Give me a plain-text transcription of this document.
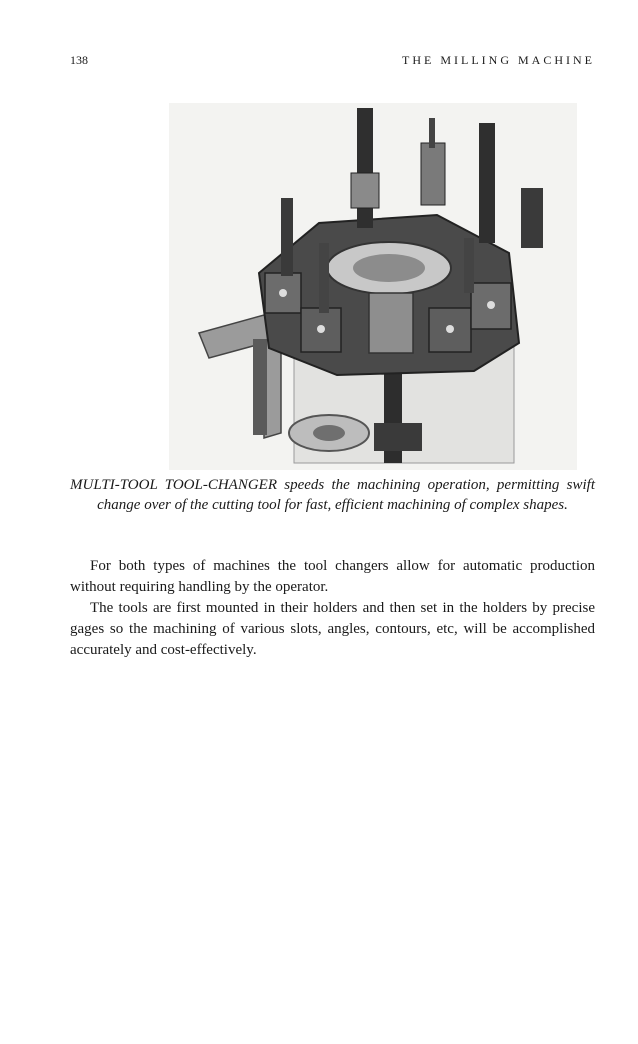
138	THE MILLING MACHINE

MULTI-TOOL TOOL-CHANGER speeds the machining operation, permitting swift change over of the cutting tool for fast, efficient machining of complex shapes.

For both types of machines the tool changers allow for automatic production without requiring handling by the operator.

The tools are first mounted in their holders and then set in the holders by precise gages so the machining of various slots, angles, contours, etc, will be accomplished accurately and cost-effectively.
